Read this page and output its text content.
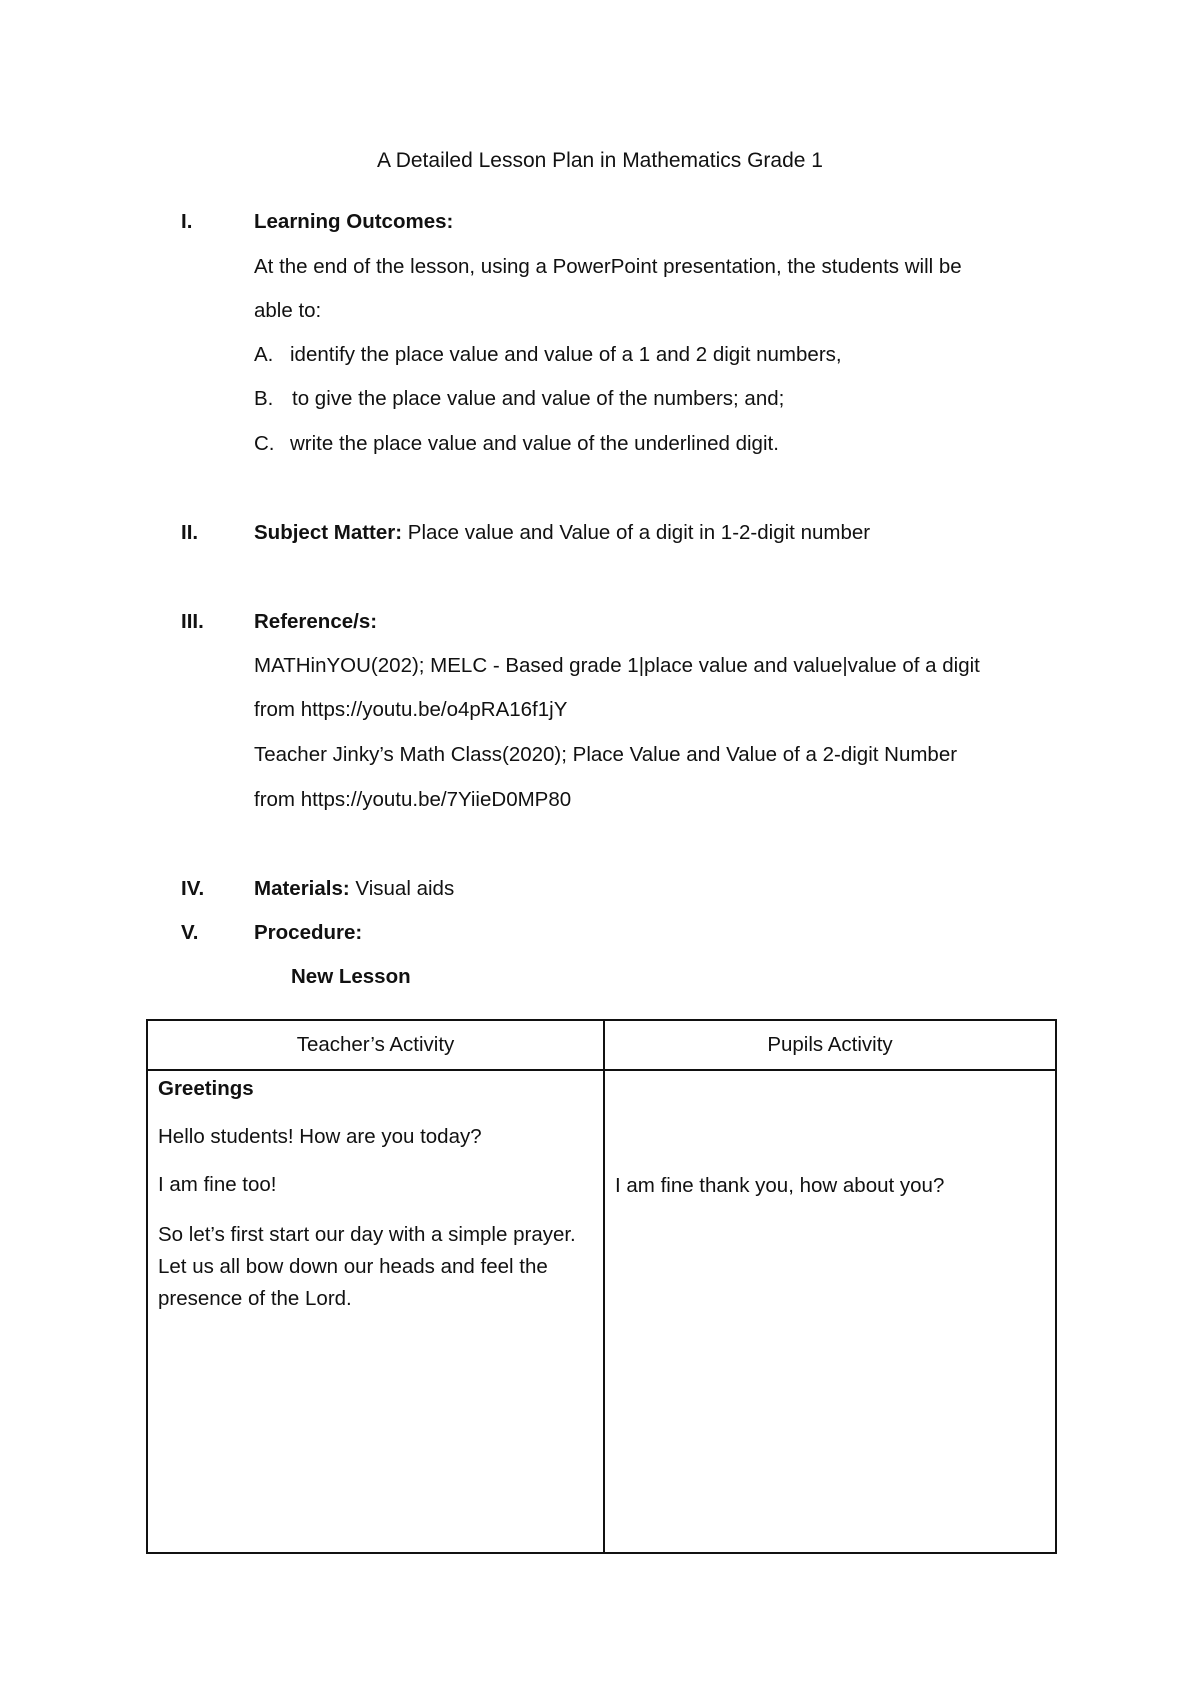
A Detailed Lesson Plan in Mathematics Grade 1
I.	Learning Outcomes:
At the end of the lesson, using a PowerPoint presentation, the students will be
able to:
A. identify the place value and value of a 1 and 2 digit numbers,
B. to give the place value and value of the numbers; and;
C. write the place value and value of the underlined digit.
II.	Subject Matter: Place value and Value of a digit in 1-2-digit number
III. Reference/s:
MATHinYOU(202); MELC - Based grade 1|place value and value|value of a digit
from https://youtu.be/o4pRA16f1jY
Teacher Jinky’s Math Class(2020); Place Value and Value of a 2-digit Number
from https://youtu.be/7YiieD0MP80
IV. Materials: Visual aids
V.	Procedure:
New Lesson
Teacher’s Activity	Pupils Activity

Greetings
Hello students! How are you today?
I am fine too!
So let’s first start our day with a simple prayer. Let us all bow down our heads and feel the presence of the Lord.	I am fine thank you, how about you?
